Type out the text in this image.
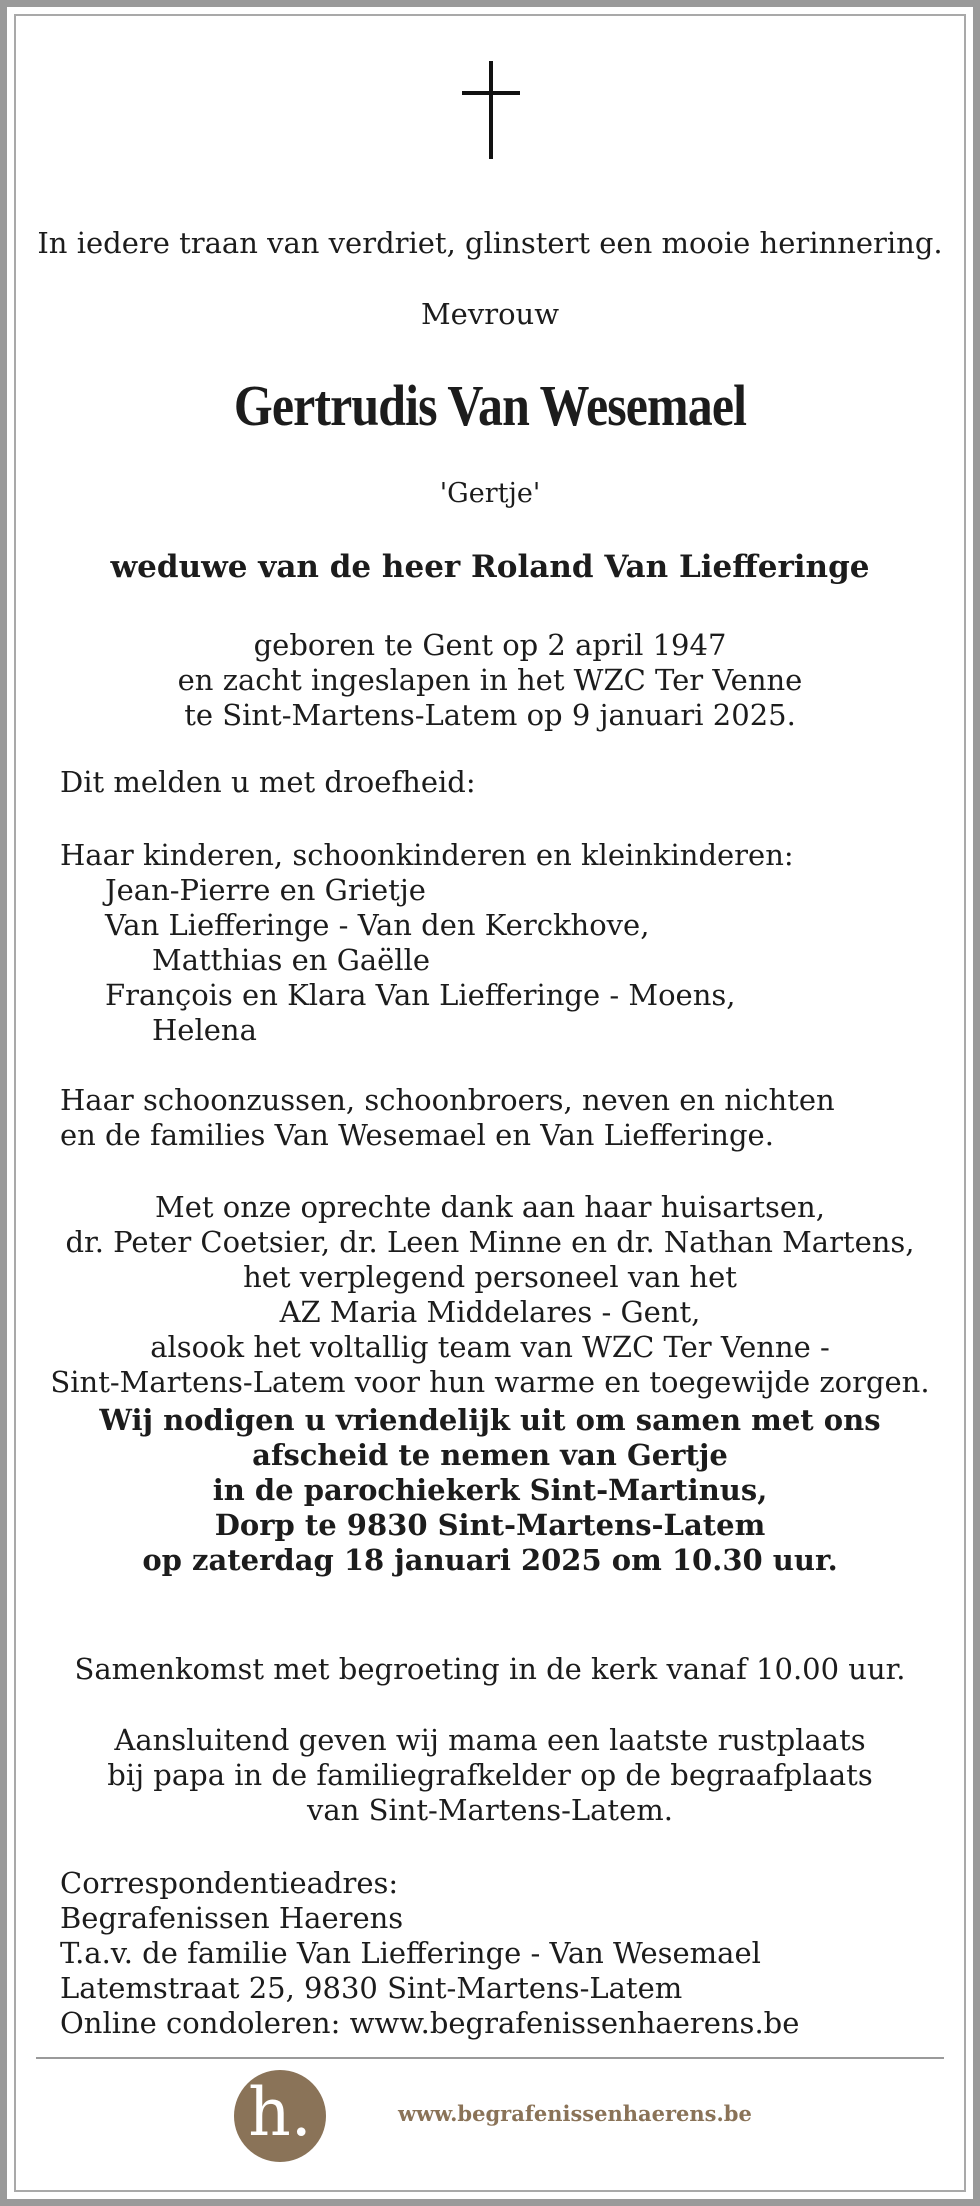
In iedere traan van verdriet, glinstert een mooie herinnering.
Mevrouw
Gertrudis Van Wesemael
'Gertje'
weduwe van de heer Roland Van Liefferinge
geboren te Gent op 2 april 1947
en zacht ingeslapen in het WZC Ter Venne
te Sint-Martens-Latem op 9 januari 2025.
Dit melden u met droefheid:
Haar kinderen, schoonkinderen en kleinkinderen:
Jean-Pierre en Grietje
Van Liefferinge - Van den Kerckhove,
Matthias en Gaëlle
François en Klara Van Liefferinge - Moens,
Helena
Haar schoonzussen, schoonbroers, neven en nichten
en de families Van Wesemael en Van Liefferinge.
Met onze oprechte dank aan haar huisartsen,
dr. Peter Coetsier, dr. Leen Minne en dr. Nathan Martens,
het verplegend personeel van het
AZ Maria Middelares - Gent,
alsook het voltallig team van WZC Ter Venne -
Sint-Martens-Latem voor hun warme en toegewijde zorgen.
Wij nodigen u vriendelijk uit om samen met ons
afscheid te nemen van Gertje
in de parochiekerk Sint-Martinus,
Dorp te 9830 Sint-Martens-Latem
op zaterdag 18 januari 2025 om 10.30 uur.
Samenkomst met begroeting in de kerk vanaf 10.00 uur.
Aansluitend geven wij mama een laatste rustplaats
bij papa in de familiegrafkelder op de begraafplaats
van Sint-Martens-Latem.
Correspondentieadres:
Begrafenissen Haerens
T.a.v. de familie Van Liefferinge - Van Wesemael
Latemstraat 25, 9830 Sint-Martens-Latem
Online condoleren: www.begrafenissenhaerens.be
h.	www.begrafenissenhaerens.be
